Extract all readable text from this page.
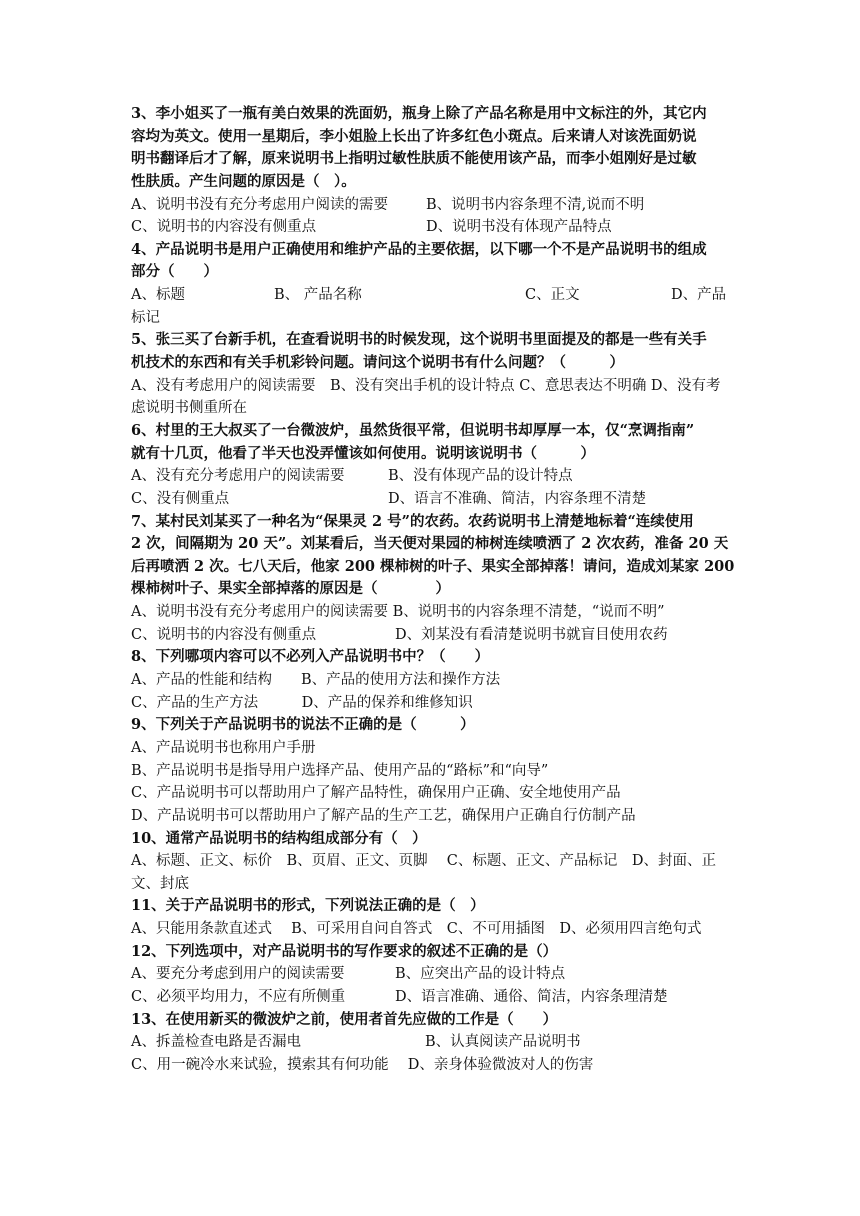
3、李小姐买了一瓶有美白效果的洗面奶，瓶身上除了产品名称是用中文标注的外，其它内
容均为英文。使用一星期后，李小姐脸上长出了许多红色小斑点。后来请人对该洗面奶说
明书翻译后才了解，原来说明书上指明过敏性肤质不能使用该产品，而李小姐刚好是过敏
性肤质。产生问题的原因是（　）。
A、说明书没有充分考虑用户阅读的需要	B、说明书内容条理不清,说而不明
C、说明书的内容没有侧重点	D、说明书没有体现产品特点
4、产品说明书是用户正确使用和维护产品的主要依据，以下哪一个不是产品说明书的组成
部分（　　）
A、标题	B、 产品名称	C、正文	D、产品
标记
5、张三买了台新手机，在查看说明书的时候发现，这个说明书里面提及的都是一些有关手
机技术的东西和有关手机彩铃问题。请问这个说明书有什么问题？（　　　）
A、没有考虑用户的阅读需要　B、没有突出手机的设计特点 C、意思表达不明确 D、没有考
虑说明书侧重所在
6、村里的王大叔买了一台微波炉，虽然货很平常，但说明书却厚厚一本，仅“烹调指南”
就有十几页，他看了半天也没弄懂该如何使用。说明该说明书（　　　）
A、没有充分考虑用户的阅读需要	B、没有体现产品的设计特点
C、没有侧重点	D、语言不准确、简洁，内容条理不清楚
7、某村民刘某买了一种名为“保果灵 2 号”的农药。农药说明书上清楚地标着“连续使用
2 次，间隔期为 20 天”。刘某看后，当天便对果园的柿树连续喷洒了 2 次农药，准备 20 天
后再喷洒 2 次。七八天后，他家 200 棵柿树的叶子、果实全部掉落！请问，造成刘某家 200
棵柿树叶子、果实全部掉落的原因是（　　　　）
A、说明书没有充分考虑用户的阅读需要 B、说明书的内容条理不清楚，“说而不明”
C、说明书的内容没有侧重点	D、刘某没有看清楚说明书就盲目使用农药
8、下列哪项内容可以不必列入产品说明书中？（　　）
A、产品的性能和结构　　B、产品的使用方法和操作方法
C、产品的生产方法　　　D、产品的保养和维修知识
9、下列关于产品说明书的说法不正确的是（　　　）
A、产品说明书也称用户手册
B、产品说明书是指导用户选择产品、使用产品的“路标”和“向导”
C、产品说明书可以帮助用户了解产品特性，确保用户正确、安全地使用产品
D、产品说明书可以帮助用户了解产品的生产工艺，确保用户正确自行仿制产品
10、通常产品说明书的结构组成部分有（　）
A、标题、正文、标价　B、页眉、正文、页脚　 C、标题、正文、产品标记　D、封面、正
文、封底
11、关于产品说明书的形式，下列说法正确的是（　）
A、只能用条款直述式　 B、可采用自问自答式　C、不可用插图　D、必须用四言绝句式
12、下列选项中，对产品说明书的写作要求的叙述不正确的是（）
A、要充分考虑到用户的阅读需要	B、应突出产品的设计特点
C、必须平均用力，不应有所侧重	D、语言准确、通俗、简洁，内容条理清楚
13、在使用新买的微波炉之前，使用者首先应做的工作是（　　）
A、拆盖检查电路是否漏电	B、认真阅读产品说明书
C、用一碗冷水来试验，摸索其有何功能　 D、亲身体验微波对人的伤害
